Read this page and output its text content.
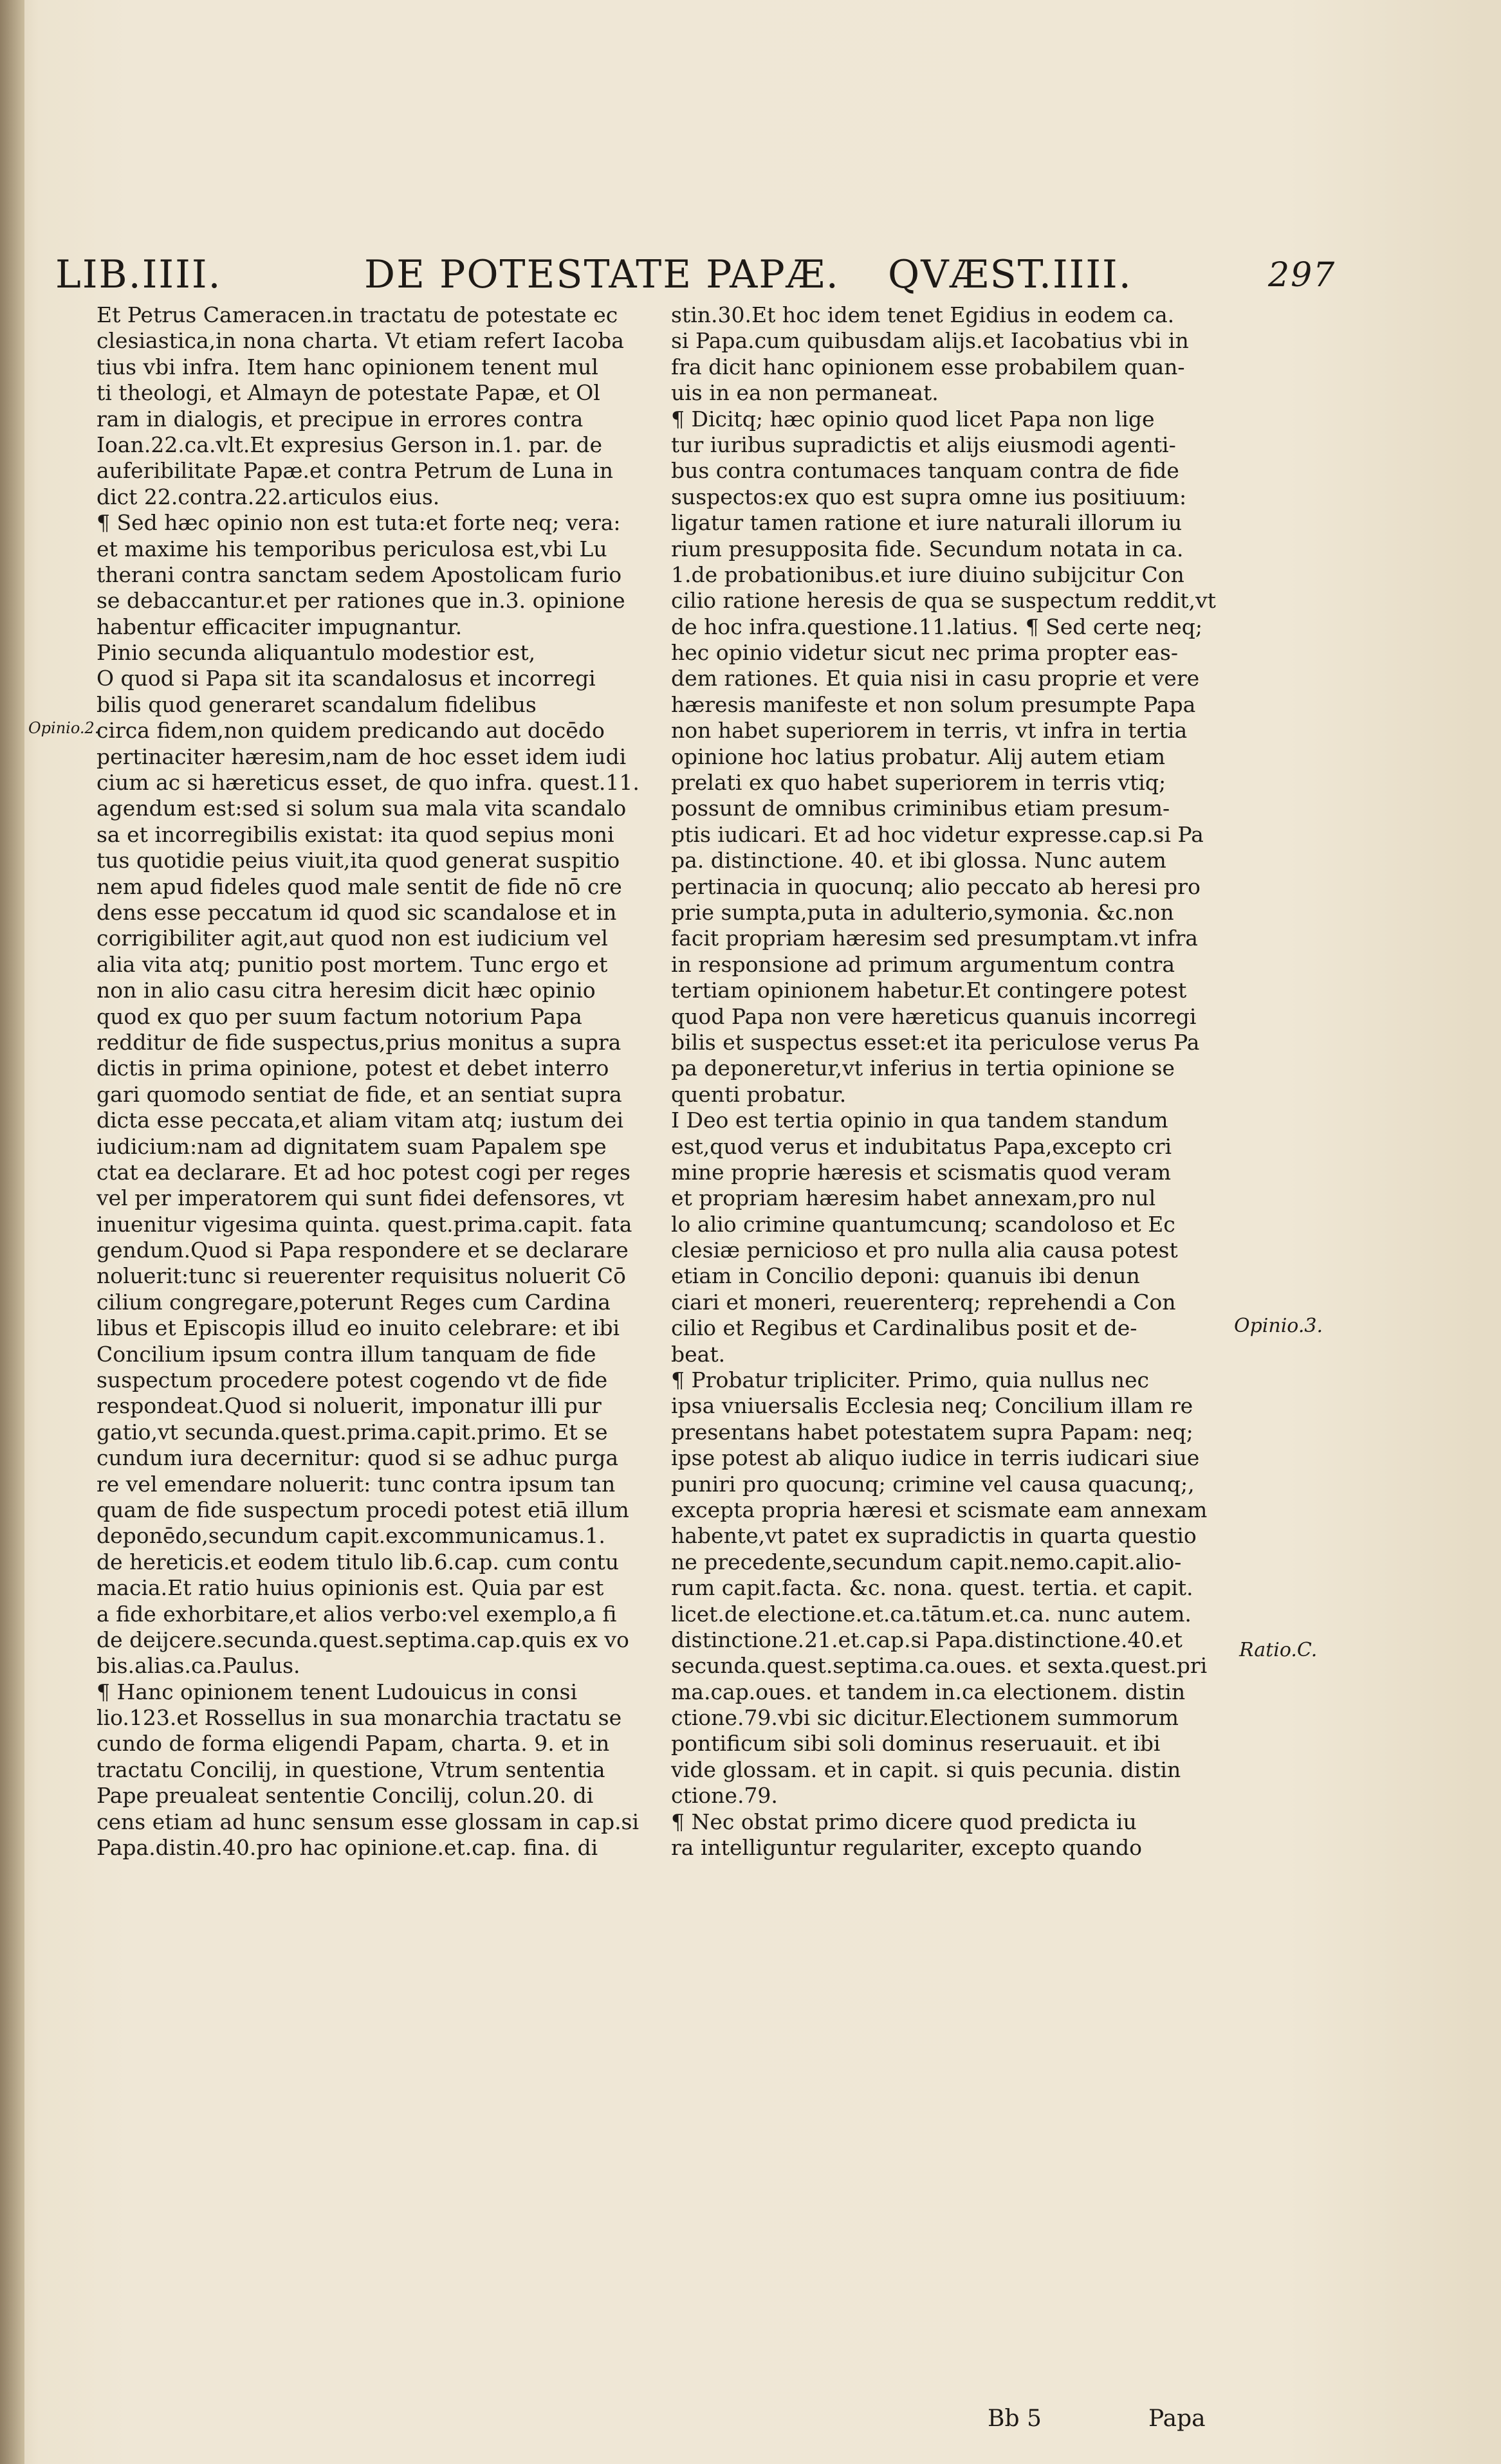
LIB.IIII.	DE POTESTATE PAPÆ. QVÆST.IIII.	297
Et Petrus Cameracen.in tractatu de potestate ec
clesiastica,in nona charta. Vt etiam refert Iacoba
tius vbi infra. Item hanc opinionem tenent mul
ti theologi, et Almayn de potestate Papæ, et Ol
ram in dialogis, et precipue in errores contra
Ioan.22.ca.vlt.Et expresius Gerson in.1. par. de
auferibilitate Papæ.et contra Petrum de Luna in
dict 22.contra.22.articulos eius.
¶ Sed hæc opinio non est tuta:et forte neq; vera:
et maxime his temporibus periculosa est,vbi Lu
therani contra sanctam sedem Apostolicam furio
se debaccantur.et per rationes que in.3. opinione
habentur efficaciter impugnantur.
Pinio secunda aliquantulo modestior est,
O quod si Papa sit ita scandalosus et incorregi
bilis quod generaret scandalum fidelibus
circa fidem,non quidem predicando aut docēdo
pertinaciter hæresim,nam de hoc esset idem iudi
cium ac si hæreticus esset, de quo infra. quest.11.
agendum est:sed si solum sua mala vita scandalo
sa et incorregibilis existat: ita quod sepius moni
tus quotidie peius viuit,ita quod generat suspitio
nem apud fideles quod male sentit de fide nō cre
dens esse peccatum id quod sic scandalose et in
corrigibiliter agit,aut quod non est iudicium vel
alia vita atq; punitio post mortem. Tunc ergo et
non in alio casu citra heresim dicit hæc opinio
quod ex quo per suum factum notorium Papa
redditur de fide suspectus,prius monitus a supra
dictis in prima opinione, potest et debet interro
gari quomodo sentiat de fide, et an sentiat supra
dicta esse peccata,et aliam vitam atq; iustum dei
iudicium:nam ad dignitatem suam Papalem spe
ctat ea declarare. Et ad hoc potest cogi per reges
vel per imperatorem qui sunt fidei defensores, vt
inuenitur vigesima quinta. quest.prima.capit. fata
gendum.Quod si Papa respondere et se declarare
noluerit:tunc si reuerenter requisitus noluerit Cō
cilium congregare,poterunt Reges cum Cardina
libus et Episcopis illud eo inuito celebrare: et ibi
Concilium ipsum contra illum tanquam de fide
suspectum procedere potest cogendo vt de fide
respondeat.Quod si noluerit, imponatur illi pur
gatio,vt secunda.quest.prima.capit.primo. Et se
cundum iura decernitur: quod si se adhuc purga
re vel emendare noluerit: tunc contra ipsum tan
quam de fide suspectum procedi potest etiā illum
deponēdo,secundum capit.excommunicamus.1.
de hereticis.et eodem titulo lib.6.cap. cum contu
macia.Et ratio huius opinionis est. Quia par est
a fide exhorbitare,et alios verbo:vel exemplo,a fi
de deijcere.secunda.quest.septima.cap.quis ex vo
bis.alias.ca.Paulus.
¶ Hanc opinionem tenent Ludouicus in consi
lio.123.et Rossellus in sua monarchia tractatu se
cundo de forma eligendi Papam, charta. 9. et in
tractatu Concilij, in questione, Vtrum sententia
Pape preualeat sententie Concilij, colun.20. di
cens etiam ad hunc sensum esse glossam in cap.si
Papa.distin.40.pro hac opinione.et.cap. fina. di
stin.30.Et hoc idem tenet Egidius in eodem ca.
si Papa.cum quibusdam alijs.et Iacobatius vbi in
fra dicit hanc opinionem esse probabilem quan-
uis in ea non permaneat.
¶ Dicitq; hæc opinio quod licet Papa non lige
tur iuribus supradictis et alijs eiusmodi agenti-
bus contra contumaces tanquam contra de fide
suspectos:ex quo est supra omne ius positiuum:
ligatur tamen ratione et iure naturali illorum iu
rium presupposita fide. Secundum notata in ca.
1.de probationibus.et iure diuino subijcitur Con
cilio ratione heresis de qua se suspectum reddit,vt
de hoc infra.questione.11.latius. ¶ Sed certe neq;
hec opinio videtur sicut nec prima propter eas-
dem rationes. Et quia nisi in casu proprie et vere
hæresis manifeste et non solum presumpte Papa
non habet superiorem in terris, vt infra in tertia
opinione hoc latius probatur. Alij autem etiam
prelati ex quo habet superiorem in terris vtiq;
possunt de omnibus criminibus etiam presum-
ptis iudicari. Et ad hoc videtur expresse.cap.si Pa
pa. distinctione. 40. et ibi glossa. Nunc autem
pertinacia in quocunq; alio peccato ab heresi pro
prie sumpta,puta in adulterio,symonia. &c.non
facit propriam hæresim sed presumptam.vt infra
in responsione ad primum argumentum contra
tertiam opinionem habetur.Et contingere potest
quod Papa non vere hæreticus quanuis incorregi
bilis et suspectus esset:et ita periculose verus Pa
pa deponeretur,vt inferius in tertia opinione se
quenti probatur.
I Deo est tertia opinio in qua tandem standum
est,quod verus et indubitatus Papa,excepto cri
mine proprie hæresis et scismatis quod veram
et propriam hæresim habet annexam,pro nul
lo alio crimine quantumcunq; scandoloso et Ec
clesiæ pernicioso et pro nulla alia causa potest
etiam in Concilio deponi: quanuis ibi denun
ciari et moneri, reuerenterq; reprehendi a Con
cilio et Regibus et Cardinalibus posit et de-
beat.
¶ Probatur tripliciter. Primo, quia nullus nec
ipsa vniuersalis Ecclesia neq; Concilium illam re
presentans habet potestatem supra Papam: neq;
ipse potest ab aliquo iudice in terris iudicari siue
puniri pro quocunq; crimine vel causa quacunq;,
excepta propria hæresi et scismate eam annexam
habente,vt patet ex supradictis in quarta questio
ne precedente,secundum capit.nemo.capit.alio-
rum capit.facta. &c. nona. quest. tertia. et capit.
licet.de electione.et.ca.tātum.et.ca. nunc autem.
distinctione.21.et.cap.si Papa.distinctione.40.et
secunda.quest.septima.ca.oues. et sexta.quest.pri
ma.cap.oues. et tandem in.ca electionem. distin
ctione.79.vbi sic dicitur.Electionem summorum
pontificum sibi soli dominus reseruauit. et ibi
vide glossam. et in capit. si quis pecunia. distin
ctione.79.
¶ Nec obstat primo dicere quod predicta iu
ra intelliguntur regulariter, excepto quando
Opinio.2.
Opinio.3.
Ratio.C.
Bb 5	Papa
